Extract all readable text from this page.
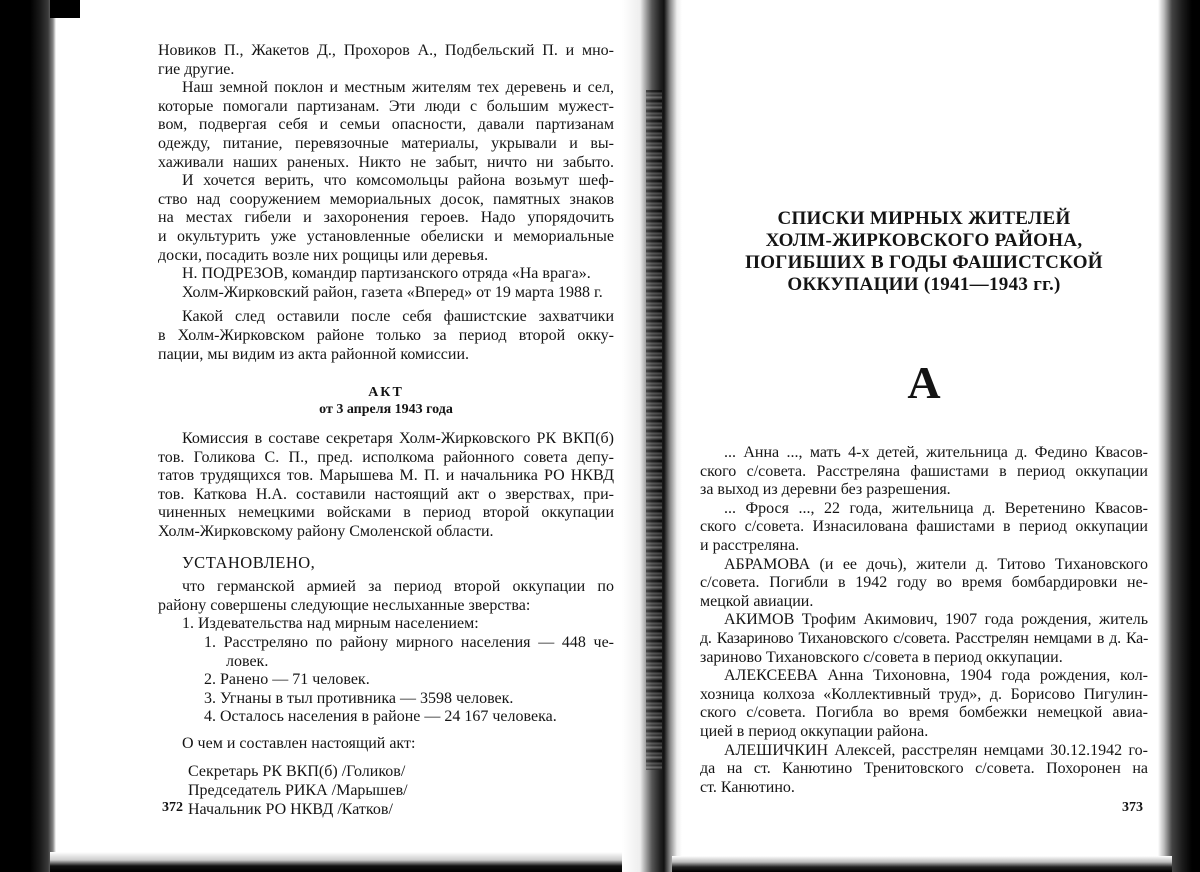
Новиков П., Жакетов Д., Прохоров А., Подбельский П. и мно-

гие другие.

Наш земной поклон и местным жителям тех деревень и сел,

которые помогали партизанам. Эти люди с большим мужест-

вом, подвергая себя и семьи опасности, давали партизанам

одежду, питание, перевязочные материалы, укрывали и вы-

хаживали наших раненых. Никто не забыт, ничто ни забыто.

И хочется верить, что комсомольцы района возьмут шеф-

ство над сооружением мемориальных досок, памятных знаков

на местах гибели и захоронения героев. Надо упорядочить

и окультурить уже установленные обелиски и мемориальные

доски, посадить возле них рощицы или деревья.

Н. ПОДРЕЗОВ, командир партизанского отряда «На врага».

Холм-Жирковский район, газета «Вперед» от 19 марта 1988 г.

Какой след оставили после себя фашистские захватчики

в Холм-Жирковском районе только за период второй окку-

пации, мы видим из акта районной комиссии.

АКТ

от 3 апреля 1943 года

Комиссия в составе секретаря Холм-Жирковского РК ВКП(б)

тов. Голикова С. П., пред. исполкома районного совета депу-

татов трудящихся тов. Марышева М. П. и начальника РО НКВД

тов. Каткова Н.А. составили настоящий акт о зверствах, при-

чиненных немецкими войсками в период второй оккупации

Холм-Жирковскому району Смоленской области.

УСТАНОВЛЕНО,

что германской армией за период второй оккупации по

району совершены следующие неслыханные зверства:

1. Издевательства над мирным населением:

1. Расстреляно по району мирного населения — 448 че-

ловек.

2. Ранено — 71 человек.

3. Угнаны в тыл противника — 3598 человек.

4. Осталось населения в районе — 24 167 человека.

О чем и составлен настоящий акт:

Секретарь РК ВКП(б) /Голиков/

Председатель РИКА /Марышев/

Начальник РО НКВД /Катков/

372

СПИСКИ МИРНЫХ ЖИТЕЛЕЙ

ХОЛМ-ЖИРКОВСКОГО РАЙОНА,

ПОГИБШИХ В ГОДЫ ФАШИСТСКОЙ

ОККУПАЦИИ (1941—1943 гг.)

А

... Анна ..., мать 4-х детей, жительница д. Федино Квасов-

ского с/совета. Расстреляна фашистами в период оккупации

за выход из деревни без разрешения.

... Фрося ..., 22 года, жительница д. Веретенино Квасов-

ского с/совета. Изнасилована фашистами в период оккупации

и расстреляна.

АБРАМОВА (и ее дочь), жители д. Титово Тихановского

с/совета. Погибли в 1942 году во время бомбардировки не-

мецкой авиации.

АКИМОВ Трофим Акимович, 1907 года рождения, житель

д. Казариново Тихановского с/совета. Расстрелян немцами в д. Ка-

зариново Тихановского с/совета в период оккупации.

АЛЕКСЕЕВА Анна Тихоновна, 1904 года рождения, кол-

хозница колхоза «Коллективный труд», д. Борисово Пигулин-

ского с/совета. Погибла во время бомбежки немецкой авиа-

цией в период оккупации района.

АЛЕШИЧКИН Алексей, расстрелян немцами 30.12.1942 го-

да на ст. Канютино Тренитовского с/совета. Похоронен на

ст. Канютино.

373
